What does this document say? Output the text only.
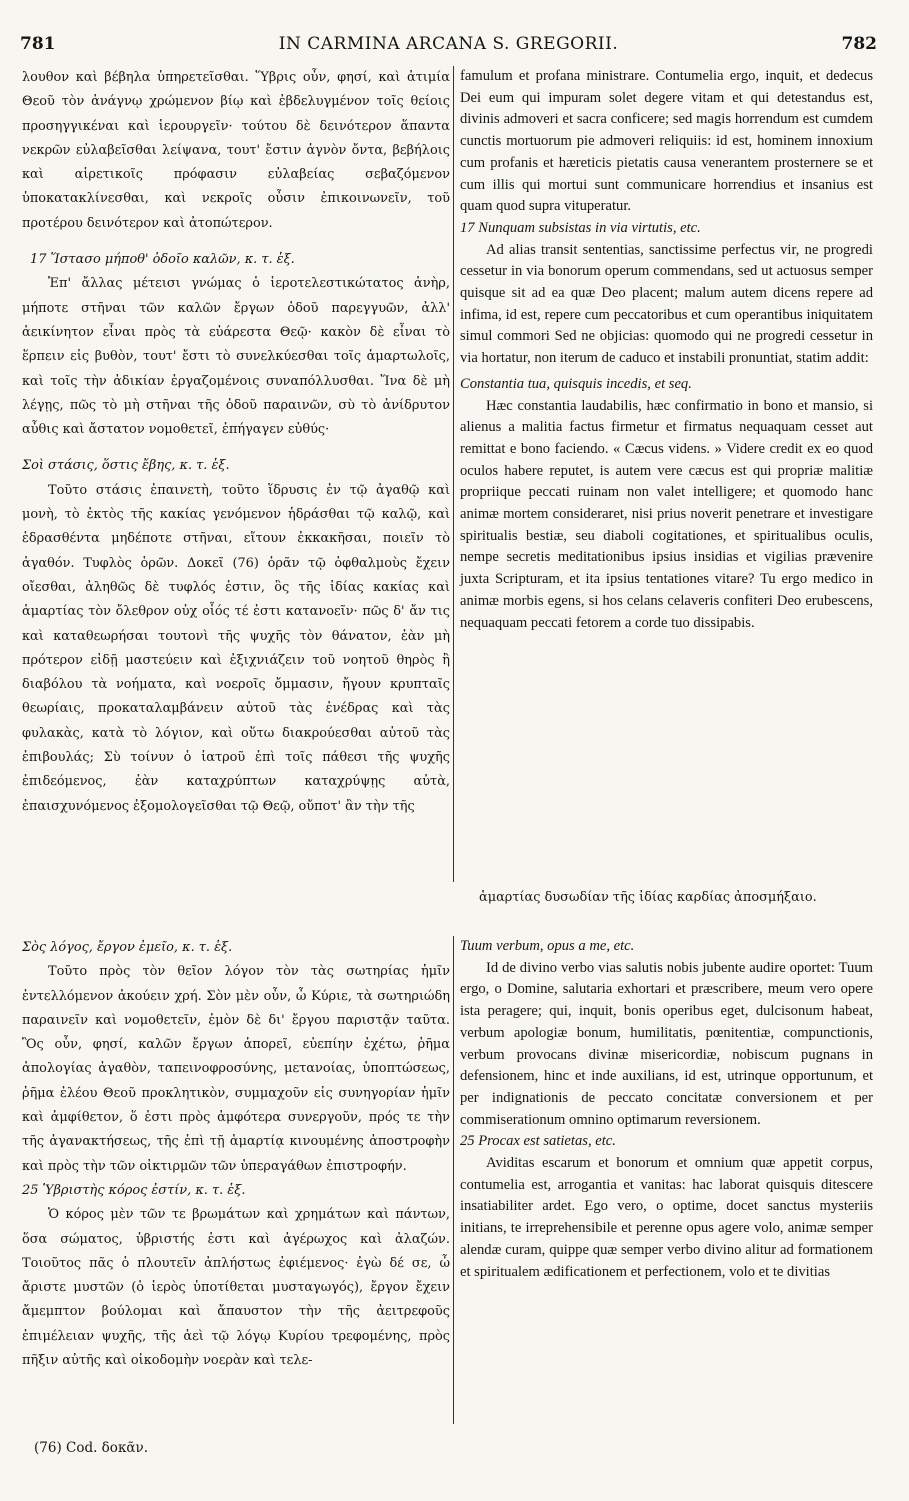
781	IN CARMINA ARCANA S. GREGORII.	782

λουθον καὶ βέβηλα ὑπηρετεῖσθαι. Ὕβρις οὖν, φησί, καὶ ἀτιμία Θεοῦ τὸν ἀνάγνῳ χρώμενον βίῳ καὶ ἐβδελυγμένον τοῖς θείοις προσηγγικέναι καὶ ἱερουργεῖν· τούτου δὲ δεινότερον ἅπαντα νεκρῶν εὐλαβεῖσθαι λείψανα, τουτ' ἔστιν ἁγνὸν ὄντα, βεβήλοις καὶ αἱρετικοῖς πρόφασιν εὐλαβείας σεβαζόμενον ὑποκατακλίνεσθαι, καὶ νεκροῖς οὖσιν ἐπικοινωνεῖν, τοῦ προτέρου δεινότερον καὶ ἀτοπώτερον.

17 Ἵστασο μήποθ' ὁδοῖο καλῶν, κ. τ. ἑξ.

Ἐπ' ἄλλας μέτεισι γνώμας ὁ ἱεροτελεστικώτατος ἀνὴρ, μήποτε στῆναι τῶν καλῶν ἔργων ὁδοῦ παρεγγυῶν, ἀλλ' ἀεικίνητον εἶναι πρὸς τὰ εὐάρεστα Θεῷ· κακὸν δὲ εἶναι τὸ ἕρπειν εἰς βυθὸν, τουτ' ἔστι τὸ συνελκύεσθαι τοῖς ἁμαρτωλοῖς, καὶ τοῖς τὴν ἀδικίαν ἐργαζομένοις συναπόλλυσθαι. Ἵνα δὲ μὴ λέγῃς, πῶς τὸ μὴ στῆναι τῆς ὁδοῦ παραινῶν, σὺ τὸ ἀνίδρυτον αὖθις καὶ ἄστατον νομοθετεῖ, ἐπήγαγεν εὐθύς·

Σοὶ στάσις, ὅστις ἔβης, κ. τ. ἑξ.

Τοῦτο στάσις ἐπαινετὴ, τοῦτο ἵδρυσις ἐν τῷ ἀγαθῷ καὶ μονὴ, τὸ ἐκτὸς τῆς κακίας γενόμενον ἡδράσθαι τῷ καλῷ, καὶ ἑδρασθέντα μηδέποτε στῆναι, εἴτουν ἐκκακῆσαι, ποιεῖν τὸ ἀγαθόν. Τυφλὸς ὁρῶν. Δοκεῖ (76) ὁρᾶν τῷ ὀφθαλμοὺς ἔχειν οἴεσθαι, ἀληθῶς δὲ τυφλός ἐστιν, ὃς τῆς ἰδίας κακίας καὶ ἁμαρτίας τὸν ὄλεθρον οὐχ οἷός τέ ἐστι κατανοεῖν· πῶς δ' ἄν τις καὶ καταθεωρήσαι τουτονὶ τῆς ψυχῆς τὸν θάνατον, ἐὰν μὴ πρότερον εἰδῇ μαστεύειν καὶ ἐξιχνιάζειν τοῦ νοητοῦ θηρὸς ἢ διαβόλου τὰ νοήματα, καὶ νοεροῖς ὄμμασιν, ἤγουν κρυπταῖς θεωρίαις, προκαταλαμβάνειν αὐτοῦ τὰς ἐνέδρας καὶ τὰς φυλακὰς, κατὰ τὸ λόγιον, καὶ οὕτω διακρούεσθαι αὐτοῦ τὰς ἐπιβουλάς; Σὺ τοίνυν ὁ ἰατροῦ ἐπὶ τοῖς πάθεσι τῆς ψυχῆς ἐπιδεόμενος, ἐὰν καταχρύπτων καταχρύψῃς αὐτὰ, ἐπαισχυνόμενος ἐξομολογεῖσθαι τῷ Θεῷ, οὔποτ' ἂν τὴν τῆς

famulum et profana ministrare. Contumelia ergo, inquit, et dedecus Dei eum qui impuram solet degere vitam et qui detestandus est, divinis admoveri et sacra conficere; sed magis horrendum est cumdem cunctis mortuorum pie admoveri reliquiis: id est, hominem innoxium cum profanis et hæreticis pietatis causa venerantem prosternere se et cum illis qui mortui sunt communicare horrendius et insanius est quam quod supra vituperatur.

17 Nunquam subsistas in via virtutis, etc.

Ad alias transit sententias, sanctissime perfectus vir, ne progredi cessetur in via bonorum operum commendans, sed ut actuosus semper quisque sit ad ea quæ Deo placent; malum autem dicens repere ad infima, id est, repere cum peccatoribus et cum operantibus iniquitatem simul commori Sed ne objicias: quomodo qui ne progredi cessetur in via hortatur, non iterum de caduco et instabili pronuntiat, statim addit:

Constantia tua, quisquis incedis, et seq.

Hæc constantia laudabilis, hæc confirmatio in bono et mansio, si alienus a malitia factus firmetur et firmatus nequaquam cesset aut remittat e bono faciendo. « Cæcus videns. » Videre credit ex eo quod oculos habere reputet, is autem vere cæcus est qui propriæ malitiæ propriique peccati ruinam non valet intelligere; et quomodo hanc animæ mortem consideraret, nisi prius noverit penetrare et investigare spiritualis bestiæ, seu diaboli cogitationes, et spiritualibus oculis, nempe secretis meditationibus ipsius insidias et vigilias prævenire juxta Scripturam, et ita ipsius tentationes vitare? Tu ergo medico in animæ morbis egens, si hos celans celaveris confiteri Deo erubescens, nequaquam peccati fetorem a corde tuo dissipabis.

ἁμαρτίας δυσωδίαν τῆς ἰδίας καρδίας ἀποσμήξαιο.

Σὸς λόγος, ἔργον ἐμεῖο, κ. τ. ἑξ.

Τοῦτο πρὸς τὸν θεῖον λόγον τὸν τὰς σωτηρίας ἡμῖν ἐντελλόμενον ἀκούειν χρή. Σὸν μὲν οὖν, ὦ Κύριε, τὰ σωτηριώδη παραινεῖν καὶ νομοθετεῖν, ἐμὸν δὲ δι' ἔργου παριστᾷν ταῦτα. Ὃς οὖν, φησί, καλῶν ἔργων ἀπορεῖ, εὐεπίην ἐχέτω, ῥῆμα ἀπολογίας ἀγαθὸν, ταπεινοφροσύνης, μετανοίας, ὑποπτώσεως, ῥῆμα ἐλέου Θεοῦ προκλητικὸν, συμμαχοῦν εἰς συνηγορίαν ἡμῖν καὶ ἀμφίθετον, ὅ ἐστι πρὸς ἀμφότερα συνεργοῦν, πρός τε τὴν τῆς ἀγανακτήσεως, τῆς ἐπὶ τῇ ἁμαρτίᾳ κινουμένης ἀποστροφὴν καὶ πρὸς τὴν τῶν οἰκτιρμῶν τῶν ὑπεραγάθων ἐπιστροφήν.

25 Ὑβριστὴς κόρος ἐστίν, κ. τ. ἑξ.

Ὁ κόρος μὲν τῶν τε βρωμάτων καὶ χρημάτων καὶ πάντων, ὅσα σώματος, ὑβριστής ἐστι καὶ ἀγέρωχος καὶ ἀλαζών. Τοιοῦτος πᾶς ὁ πλουτεῖν ἀπλήστως ἐφιέμενος· ἐγὼ δέ σε, ὦ ἄριστε μυστῶν (ὁ ἱερὸς ὑποτίθεται μυσταγωγός), ἔργον ἔχειν ἄμεμπτον βούλομαι καὶ ἄπαυστον τὴν τῆς ἀειτρεφοῦς ἐπιμέλειαν ψυχῆς, τῆς ἀεὶ τῷ λόγῳ Κυρίου τρεφομένης, πρὸς πῆξιν αὐτῆς καὶ οἰκοδομὴν νοερὰν καὶ τελε-

Tuum verbum, opus a me, etc.

Id de divino verbo vias salutis nobis jubente audire oportet: Tuum ergo, o Domine, salutaria exhortari et præscribere, meum vero opere ista peragere; qui, inquit, bonis operibus eget, dulcisonum habeat, verbum apologiæ bonum, humilitatis, pœnitentiæ, compunctionis, verbum provocans divinæ misericordiæ, nobiscum pugnans in defensionem, hinc et inde auxilians, id est, utrinque opportunum, et per indignationis de peccato concitatæ conversionem et per commiserationum omnino optimarum reversionem.

25 Procax est satietas, etc.

Aviditas escarum et bonorum et omnium quæ appetit corpus, contumelia est, arrogantia et vanitas: hac laborat quisquis ditescere insatiabiliter ardet. Ego vero, o optime, docet sanctus mysteriis initians, te irreprehensibile et perenne opus agere volo, animæ semper alendæ curam, quippe quæ semper verbo divino alitur ad formationem et spiritualem ædificationem et perfectionem, volo et te divitias

(76) Cod. δοκᾶν.
